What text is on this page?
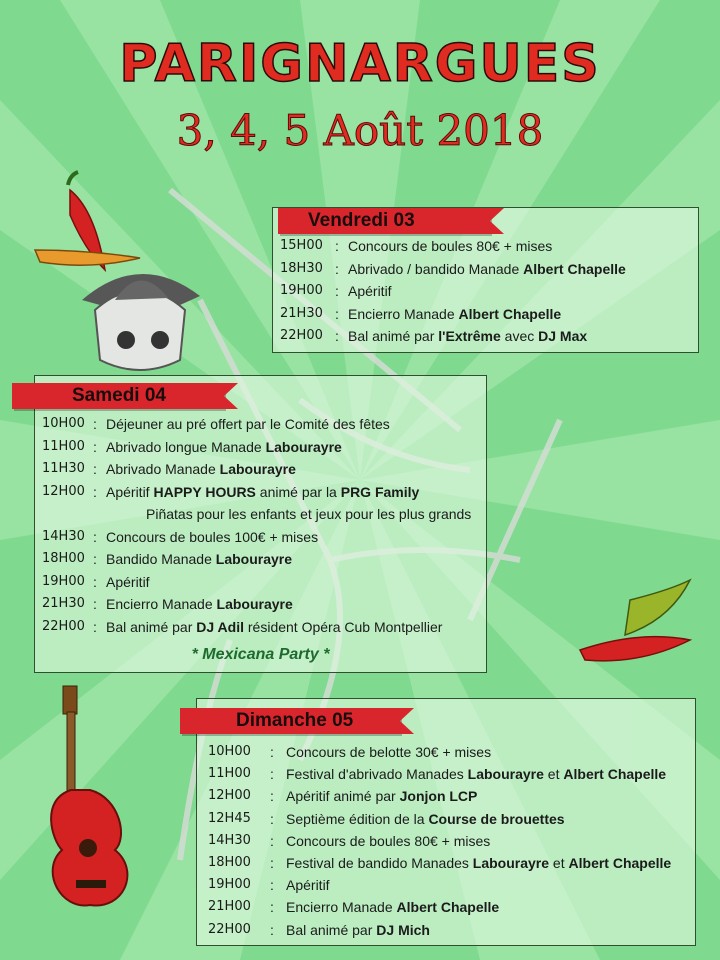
PARIGNARGUES
3, 4, 5 Août 2018
Vendredi 03
15H00 : Concours de boules 80€ + mises
18H30 : Abrivado / bandido Manade Albert Chapelle
19H00 : Apéritif
21H30 : Encierro Manade Albert Chapelle
22H00 : Bal animé par l'Extrême avec DJ Max
Samedi 04
10H00 : Déjeuner au pré offert par le Comité des fêtes
11H00 : Abrivado longue Manade Labourayre
11H30 : Abrivado Manade Labourayre
12H00 : Apéritif HAPPY HOURS animé par la PRG Family
Piñatas pour les enfants et jeux pour les plus grands
14H30 : Concours de boules 100€ + mises
18H00 : Bandido Manade Labourayre
19H00 : Apéritif
21H30 : Encierro Manade Labourayre
22H00 : Bal animé par DJ Adil résident Opéra Cub Montpellier
* Mexicana Party *
Dimanche 05
10H00 : Concours de belotte 30€ + mises
11H00 : Festival d'abrivado Manades Labourayre et Albert Chapelle
12H00 : Apéritif animé par Jonjon LCP
12H45 : Septième édition de la Course de brouettes
14H30 : Concours de boules 80€ + mises
18H00 : Festival de bandido Manades Labourayre et Albert Chapelle
19H00 : Apéritif
21H00 : Encierro Manade Albert Chapelle
22H00 : Bal animé par DJ Mich
